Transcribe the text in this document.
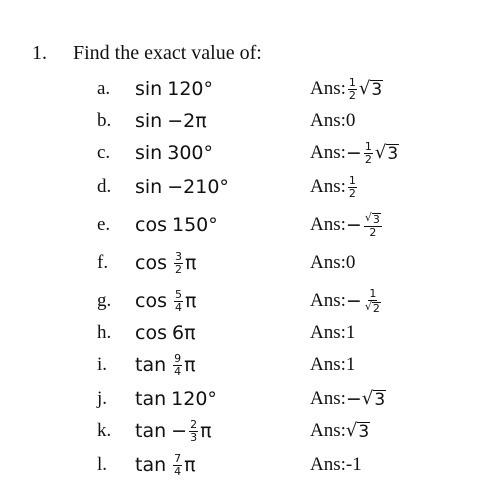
1. Find the exact value of:
a. sin 120°	Ans: $\frac{1}{2}$ √ 3
b. sin −2π	Ans: 0
c. sin 300°	Ans: − $\frac{1}{2}$ √ 3
d. sin −210°	Ans: $\frac{1}{2}$
e. cos 150°	Ans: − $\frac{√ 3}{2}$
f. $\cos \frac{3}{2}$ π	Ans: 0
g. $\cos \frac{5}{4}$ π	Ans: − $\frac{1}{√ 2}$
h. cos 6π	Ans: 1
i. $\tan \frac{9}{4}$ π	Ans: 1
j. tan 120°	Ans: − √ 3
k. $\tan - \frac{2}{3}$ π	Ans: √ 3
l. $\tan \frac{7}{4}$ π	Ans: -1
